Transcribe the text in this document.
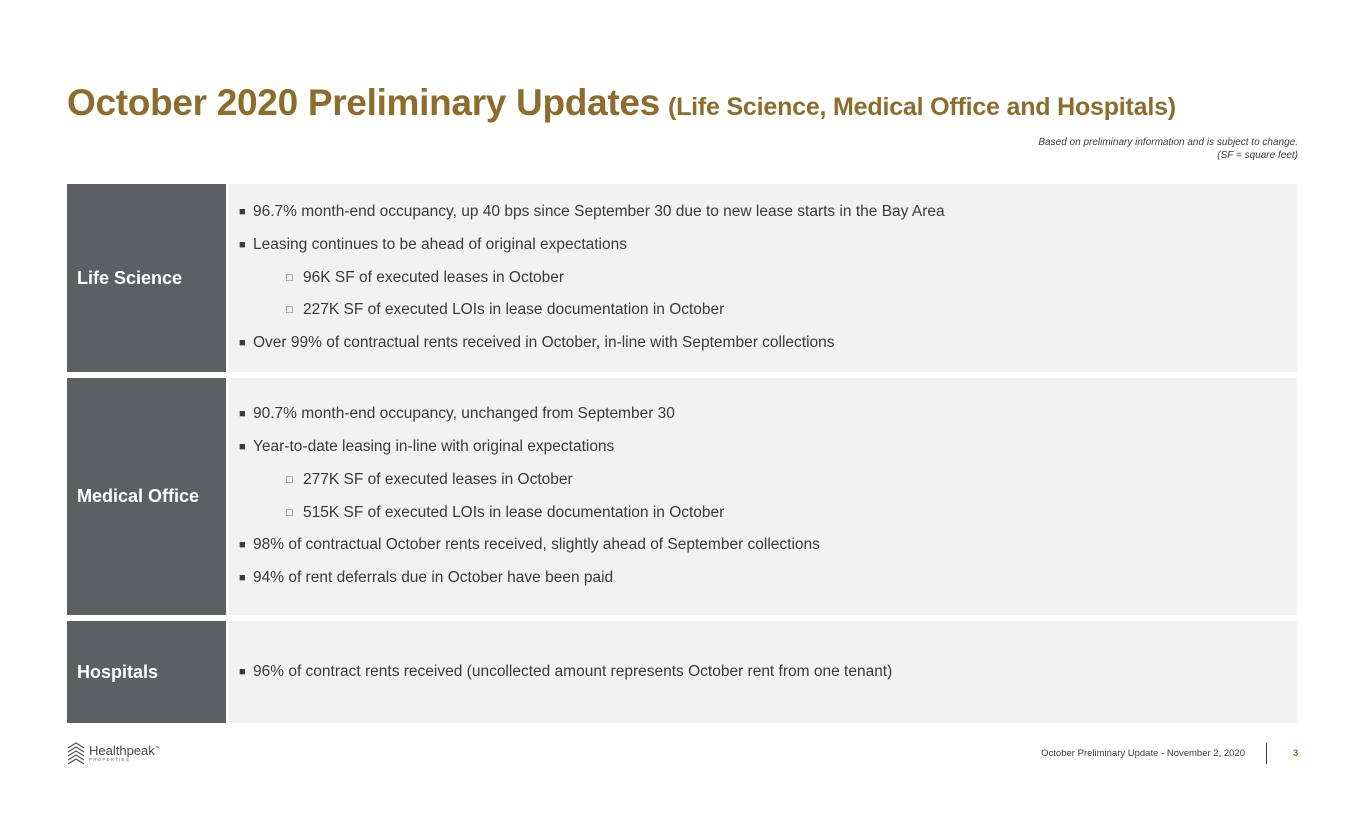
October 2020 Preliminary Updates (Life Science, Medical Office and Hospitals)
Based on preliminary information and is subject to change.
(SF = square feet)
Life Science
■ 96.7% month-end occupancy, up 40 bps since September 30 due to new lease starts in the Bay Area
■ Leasing continues to be ahead of original expectations
□ 96K SF of executed leases in October
□ 227K SF of executed LOIs in lease documentation in October
■ Over 99% of contractual rents received in October, in-line with September collections
Medical Office
■ 90.7% month-end occupancy, unchanged from September 30
■ Year-to-date leasing in-line with original expectations
□ 277K SF of executed leases in October
□ 515K SF of executed LOIs in lease documentation in October
■ 98% of contractual October rents received, slightly ahead of September collections
■ 94% of rent deferrals due in October have been paid
Hospitals	■ 96% of contract rents received (uncollected amount represents October rent from one tenant)
Healthpeak™
PROPERTIES
October Preliminary Update - November 2, 2020	3
